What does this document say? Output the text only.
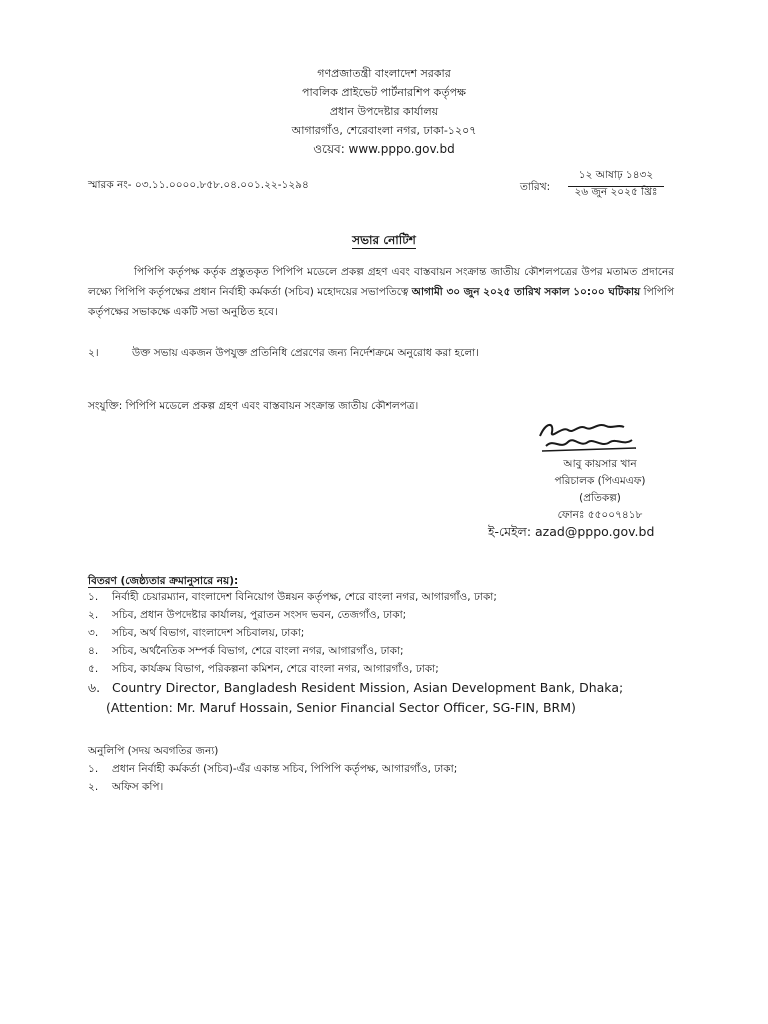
গণপ্রজাতন্ত্রী বাংলাদেশ সরকার
পাবলিক প্রাইভেট পার্টনারশিপ কর্তৃপক্ষ
প্রধান উপদেষ্টার কার্যালয়
আগারগাঁও, শেরেবাংলা নগর, ঢাকা-১২০৭
ওয়েব: www.pppo.gov.bd
স্মারক নং- ০৩.১১.০০০০.৮৫৮.০৪.০০১.২২-১২৯৪	তারিখ:
১২ আষাঢ় ১৪৩২
২৬ জুন ২০২৫ খ্রিঃ
সভার নোটিশ
পিপিপি কর্তৃপক্ষ কর্তৃক প্রস্তুতকৃত পিপিপি মডেলে প্রকল্প গ্রহণ এবং বাস্তবায়ন সংক্রান্ত জাতীয় কৌশলপত্রের উপর মতামত প্রদানের লক্ষ্যে পিপিপি কর্তৃপক্ষের প্রধান নির্বাহী কর্মকর্তা (সচিব) মহোদয়ের সভাপতিত্বে আগামী ৩০ জুন ২০২৫ তারিখ সকাল ১০:০০ ঘটিকায় পিপিপি কর্তৃপক্ষের সভাকক্ষে একটি সভা অনুষ্ঠিত হবে।
২।	উক্ত সভায় একজন উপযুক্ত প্রতিনিধি প্রেরণের জন্য নির্দেশক্রমে অনুরোধ করা হলো।
সংযুক্তি: পিপিপি মডেলে প্রকল্প গ্রহণ এবং বাস্তবায়ন সংক্রান্ত জাতীয় কৌশলপত্র।
আবু কায়সার খান
পরিচালক (পিএমএফ)
(প্রতিকল্প)
ফোনঃ ৫৫০০৭৪১৮
ই-মেইল: azad@pppo.gov.bd
বিতরণ (জেষ্ঠ্যতার ক্রমানুসারে নয়):
১. নির্বাহী চেয়ারম্যান, বাংলাদেশ বিনিয়োগ উন্নয়ন কর্তৃপক্ষ, শেরে বাংলা নগর, আগারগাঁও, ঢাকা;
২. সচিব, প্রধান উপদেষ্টার কার্যালয়, পুরাতন সংসদ ভবন, তেজগাঁও, ঢাকা;
৩. সচিব, অর্থ বিভাগ, বাংলাদেশ সচিবালয়, ঢাকা;
৪. সচিব, অর্থনৈতিক সম্পর্ক বিভাগ, শেরে বাংলা নগর, আগারগাঁও, ঢাকা;
৫. সচিব, কার্যক্রম বিভাগ, পরিকল্পনা কমিশন, শেরে বাংলা নগর, আগারগাঁও, ঢাকা;
৬. Country Director, Bangladesh Resident Mission, Asian Development Bank, Dhaka;
(Attention: Mr. Maruf Hossain, Senior Financial Sector Officer, SG-FIN, BRM)
অনুলিপি (সদয় অবগতির জন্য)
১. প্রধান নির্বাহী কর্মকর্তা (সচিব)-এঁর একান্ত সচিব, পিপিপি কর্তৃপক্ষ, আগারগাঁও, ঢাকা;
২. অফিস কপি।
